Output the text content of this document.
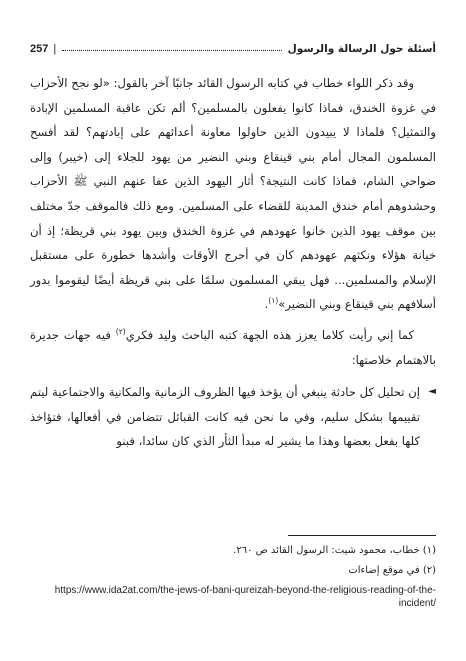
257 |	أسئلة حول الرسالة والرسول

وقد ذكر اللواء خطاب في كتابه الرسول القائد جانبًا آخر بالقول: «لو نجح الأحزاب في غزوة الخندق، فماذا كانوا يفعلون بالمسلمين؟ ألم تكن عاقبة المسلمين الإبادة والتمثيل؟ فلماذا لا يبيدون الذين حاولوا معاونة أعدائهم على إبادتهم؟ لقد أفسح المسلمون المجال أمام بني قينقاع وبني النضير من يهود للجلاء إلى (خيبر) وإلى ضواحي الشام، فماذا كانت النتيجة؟ أثار اليهود الذين عفا عنهم النبي ﷺ الأحزاب وحشدوهم أمام خندق المدينة للقضاء على المسلمين. ومع ذلك فالموقف جدّ مختلف بين موقف يهود الذين خانوا عهودهم في غزوة الخندق وبين يهود بني قريظة؛ إذ أن خيانة هؤلاء ونكثهم عهودهم كان في أحرج الأوقات وأشدها خطورة على مستقبل الإسلام والمسلمين... فهل يبقي المسلمون سلمًا على بني قريظة أيضًا ليقوموا بدور أسلافهم بني قينقاع وبني النضير»$^{(١)}$.

كما إني رأيت كلاما يعزز هذه الجهة كتبه الباحث وليد فكري$^{(٢)}$ فيه جهات جديرة بالاهتمام خلاصتها:

◄
إن تحليل كل حادثة ينبغي أن يؤخذ فيها الظروف الزمانية والمكانية والاجتماعية ليتم تقييمها بشكل سليم، وفي ما نحن فيه كانت القبائل تتضامن في أفعالها، فتؤاخذ كلها بفعل بعضها وهذا ما يشير له مبدأ الثأر الذي كان سائدا، فبنو

(١) خطاب، محمود شيت: الرسول القائد ص ٢٦٠.

(٢) في موقع إضاءات

https://www.ida2at.com/the-jews-of-bani-qureizah-beyond-the-religious-reading-of-the-incident/
